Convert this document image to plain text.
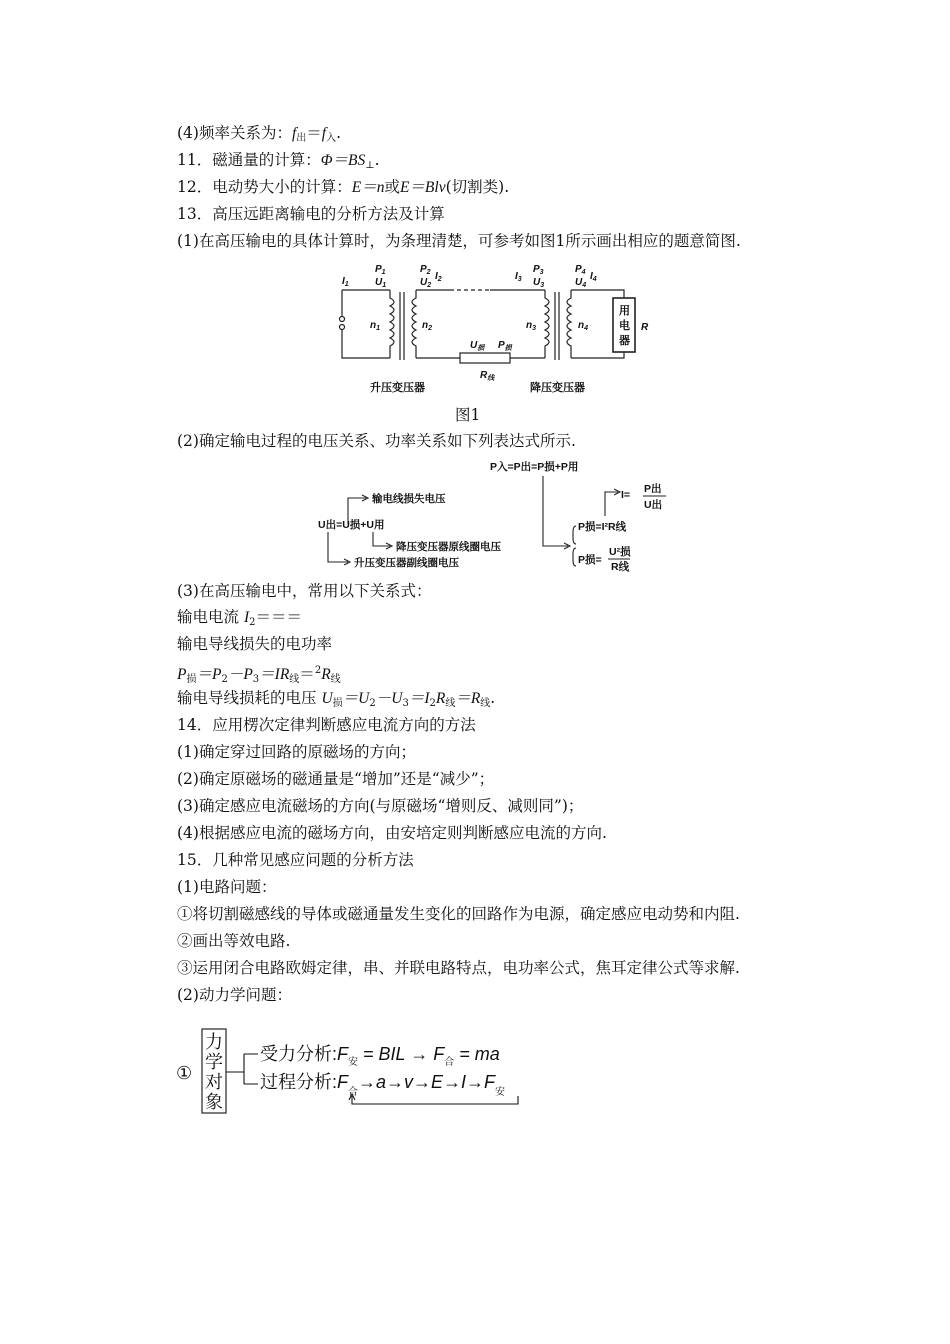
(4)频率关系为：$f_出=f_入$.
11．磁通量的计算：$\Phi=BS_\perp$.
12．电动势大小的计算：E＝n或E＝Blv(切割类).
13．高压远距离输电的分析方法及计算
(1)在高压输电的具体计算时，为条理清楚，可参考如图1所示画出相应的题意简图.
$I_1$
$P_1$
$U_1$
$P_2$
$U_2$
$I_2$	$I_3$
$P_3$
$U_3$
$P_4$
$U_4$
$I_4$
$n_1$	$n_2$	$n_3$	$n_4$
$U_损$ $P_损$
$R_线$
R
用
电
器
升压变压器	降压变压器
图1
(2)确定输电过程的电压关系、功率关系如下列表达式所示.
P入=P出=P损+P用
U出=U损+U用
输电线损失电压
降压变压器原线圈电压
升压变压器副线圈电压
I= P出
U出
P损=I²R线
P损=
U²损
R线
(3)在高压输电中，常用以下关系式：
输电电流 $I_2===$
输电导线损失的电功率
$P_损=P_2-P_3=IR_线=^2R_线$
输电导线损耗的电压 $U_损=U_2-U_3=I_2R_线=R_线$.
14．应用楞次定律判断感应电流方向的方法
(1)确定穿过回路的原磁场的方向；
(2)确定原磁场的磁通量是“增加”还是“减少”；
(3)确定感应电流磁场的方向(与原磁场“增则反、减则同”)；
(4)根据感应电流的磁场方向，由安培定则判断感应电流的方向.
15．几种常见感应问题的分析方法
(1)电路问题：
①将切割磁感线的导体或磁通量发生变化的回路作为电源，确定感应电动势和内阻.
②画出等效电路.
③运用闭合电路欧姆定律，串、并联电路特点，电功率公式，焦耳定律公式等求解.
(2)动力学问题：
①
力
学
对
象
受力分析$:F_安$ = BIL → $F_合$ = ma
过程分析$:F_合\to a\to v\to E\to I\to F_安$
